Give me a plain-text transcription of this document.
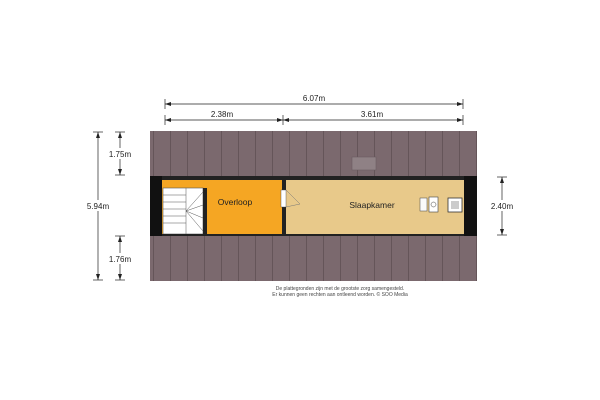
Overloop	Slaapkamer
6.07m
2.38m	3.61m
5.94m
1.75m
1.76m
2.40m
De plattegronden zijn met de grootste zorg samengesteld.
Er kunnen geen rechten aan ontleend worden. © SOO Media
